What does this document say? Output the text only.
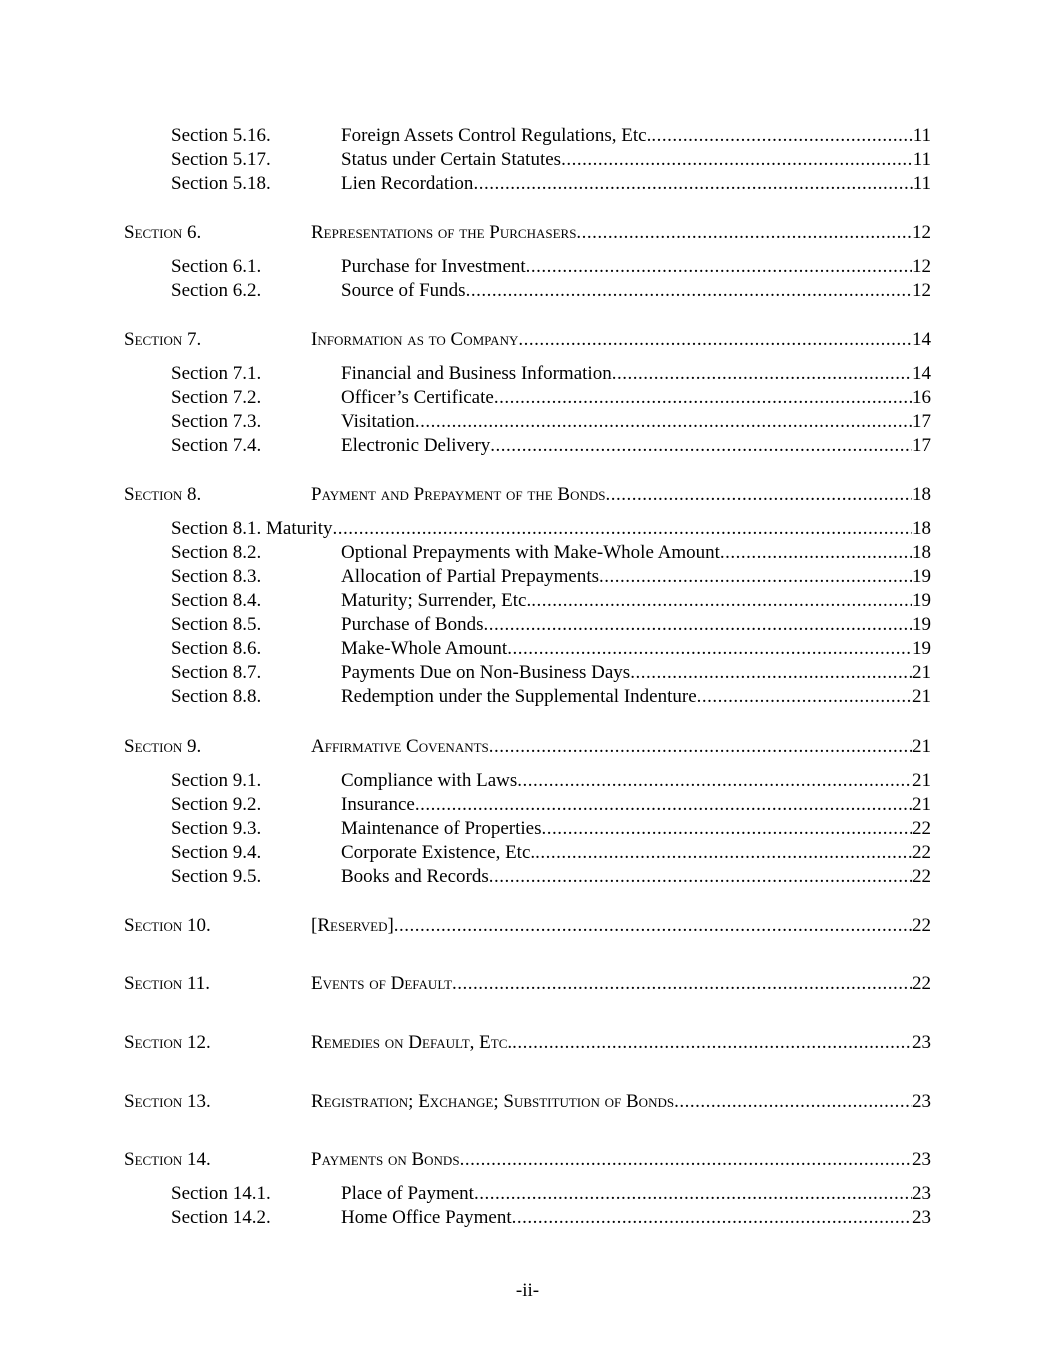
Section 5.16.	Foreign Assets Control Regulations, Etc. .....	11
Section 5.17.	Status under Certain Statutes .....	11
Section 5.18.	Lien Recordation .....	11
Section 6.	Representations of the Purchasers .....	12
Section 6.1.	Purchase for Investment .....	12
Section 6.2.	Source of Funds .....	12
Section 7.	Information as to Company .....	14
Section 7.1.	Financial and Business Information .....	14
Section 7.2.	Officer’s Certificate .....	16
Section 7.3.	Visitation .....	17
Section 7.4.	Electronic Delivery .....	17
Section 8.	Payment and Prepayment of the Bonds .....	18
Section 8.1. Maturity .....	18
Section 8.2.	Optional Prepayments with Make-Whole Amount .....	18
Section 8.3.	Allocation of Partial Prepayments .....	19
Section 8.4.	Maturity; Surrender, Etc. .....	19
Section 8.5.	Purchase of Bonds .....	19
Section 8.6.	Make-Whole Amount .....	19
Section 8.7.	Payments Due on Non-Business Days .....	21
Section 8.8.	Redemption under the Supplemental Indenture .....	21
Section 9.	Affirmative Covenants .....	21
Section 9.1.	Compliance with Laws .....	21
Section 9.2.	Insurance .....	21
Section 9.3.	Maintenance of Properties .....	22
Section 9.4.	Corporate Existence, Etc. .....	22
Section 9.5.	Books and Records .....	22
Section 10.	[Reserved] .....	22
Section 11.	Events of Default .....	22
Section 12.	Remedies on Default, Etc. .....	23
Section 13.	Registration; Exchange; Substitution of Bonds .....	23
Section 14.	Payments on Bonds .....	23
Section 14.1.	Place of Payment .....	23
Section 14.2.	Home Office Payment .....	23
-ii-
